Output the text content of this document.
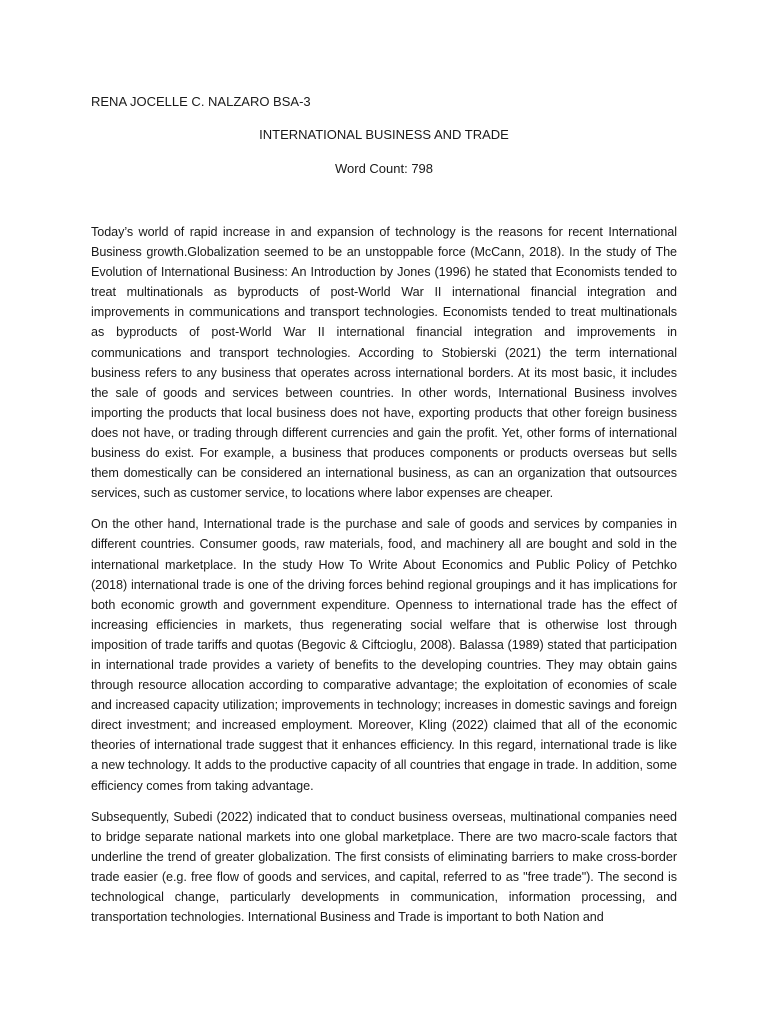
RENA JOCELLE C. NALZARO BSA-3
INTERNATIONAL BUSINESS AND TRADE
Word Count: 798

Today’s world of rapid increase in and expansion of technology is the reasons for recent International Business growth.Globalization seemed to be an unstoppable force (McCann, 2018). In the study of The Evolution of International Business: An Introduction by Jones (1996) he stated that Economists tended to treat multinationals as byproducts of post-World War II international financial integration and improvements in communications and transport technologies. Economists tended to treat multinationals as byproducts of post-World War II international financial integration and improvements in communications and transport technologies. According to Stobierski (2021) the term international business refers to any business that operates across international borders. At its most basic, it includes the sale of goods and services between countries. In other words, International Business involves importing the products that local business does not have, exporting products that other foreign business does not have, or trading through different currencies and gain the profit. Yet, other forms of international business do exist. For example, a business that produces components or products overseas but sells them domestically can be considered an international business, as can an organization that outsources services, such as customer service, to locations where labor expenses are cheaper.

On the other hand, International trade is the purchase and sale of goods and services by companies in different countries. Consumer goods, raw materials, food, and machinery all are bought and sold in the international marketplace. In the study How To Write About Economics and Public Policy of Petchko (2018) international trade is one of the driving forces behind regional groupings and it has implications for both economic growth and government expenditure. Openness to international trade has the effect of increasing efficiencies in markets, thus regenerating social welfare that is otherwise lost through imposition of trade tariffs and quotas (Begovic & Ciftcioglu, 2008). Balassa (1989) stated that participation in international trade provides a variety of benefits to the developing countries. They may obtain gains through resource allocation according to comparative advantage; the exploitation of economies of scale and increased capacity utilization; improvements in technology; increases in domestic savings and foreign direct investment; and increased employment. Moreover, Kling (2022) claimed that all of the economic theories of international trade suggest that it enhances efficiency. In this regard, international trade is like a new technology. It adds to the productive capacity of all countries that engage in trade. In addition, some efficiency comes from taking advantage.

Subsequently, Subedi (2022) indicated that to conduct business overseas, multinational companies need to bridge separate national markets into one global marketplace. There are two macro-scale factors that underline the trend of greater globalization. The first consists of eliminating barriers to make cross-border trade easier (e.g. free flow of goods and services, and capital, referred to as "free trade"). The second is technological change, particularly developments in communication, information processing, and transportation technologies. International Business and Trade is important to both Nation and
